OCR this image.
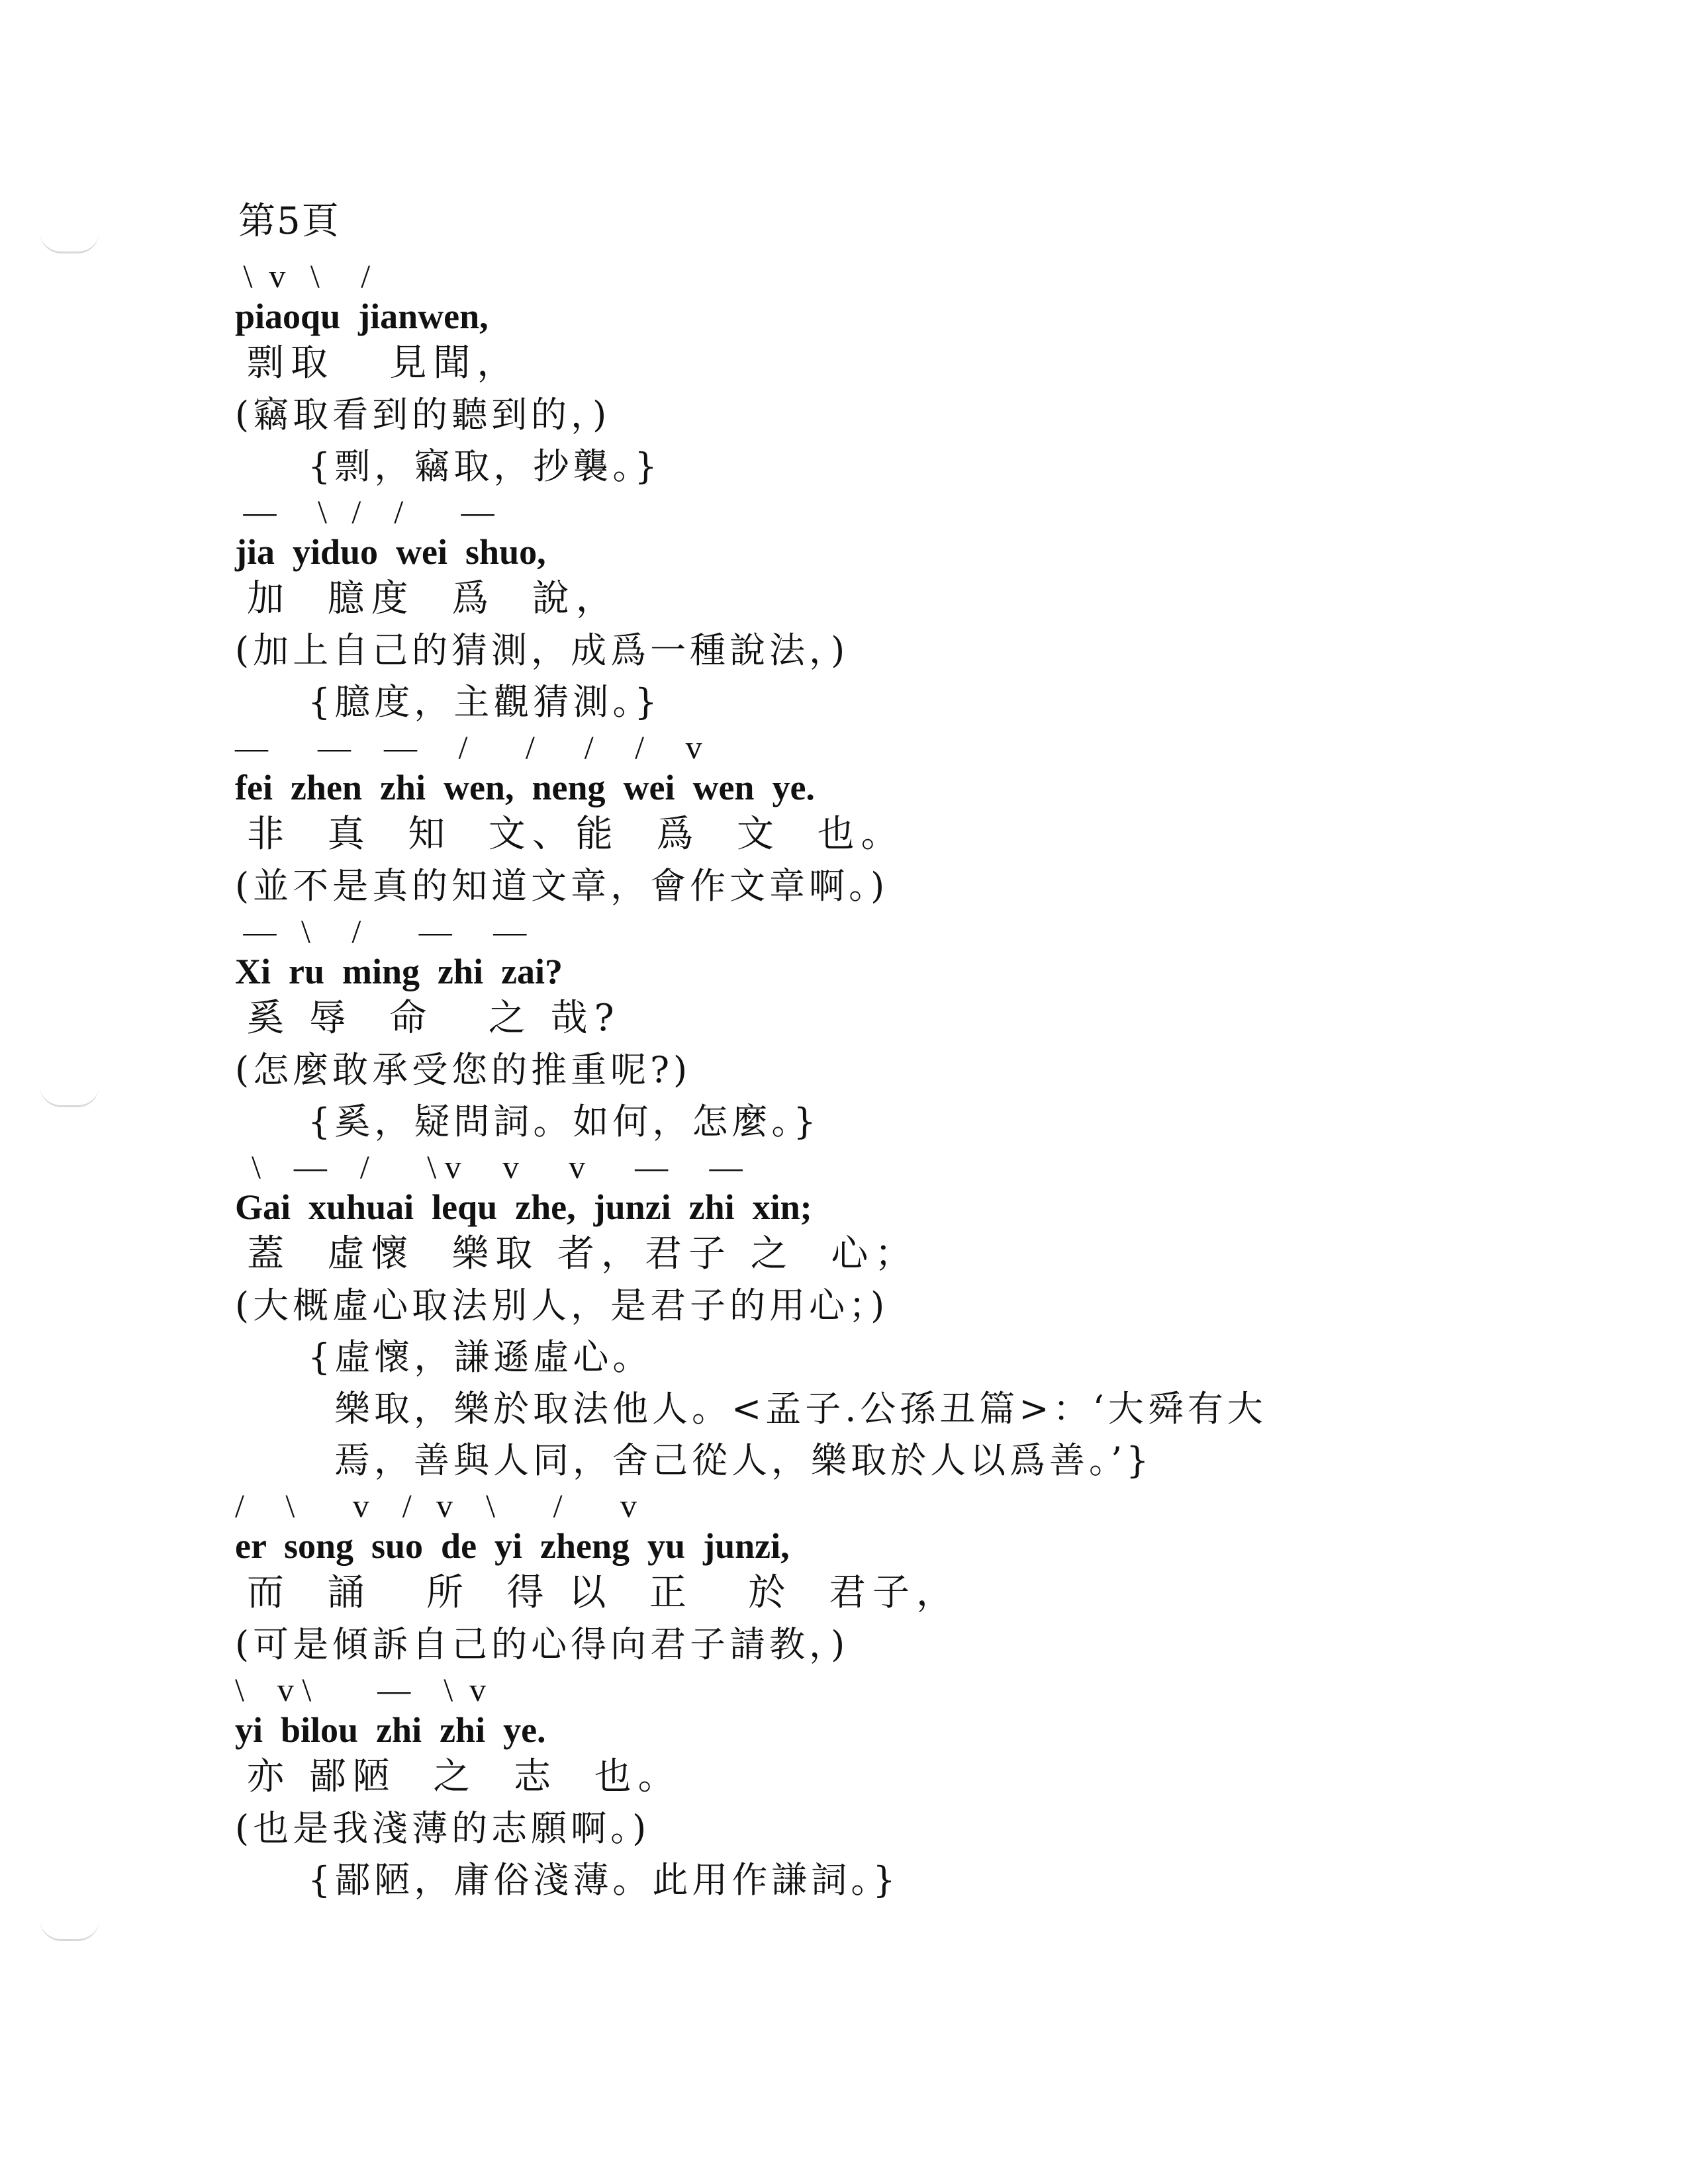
第5頁
\  v   \     /
piaoqu  jianwen,
剽取   見聞，
(竊取看到的聽到的，)
{剽，竊取，抄襲。}
—     \   /    /       —
jia  yiduo  wei  shuo,
加  臆度  爲  說，
(加上自己的猜測，成爲一種說法，)
{臆度，主觀猜測。}
—      —    —     /       /      /     /     v
fei  zhen  zhi  wen,  neng  wei  wen  ye.
非  真  知  文、能  爲  文  也。
(並不是真的知道文章，會作文章啊。)
—   \     /       —     —
Xi  ru  ming  zhi  zai?
奚 辱  命   之 哉?
(怎麼敢承受您的推重呢?)
{奚，疑問詞。如何，怎麼。}
\    —    /       \ v     v      v      —     —
Gai  xuhuai  lequ  zhe,  junzi  zhi  xin;
蓋  虛懷  樂取 者，君子 之  心；
(大概虛心取法別人，是君子的用心；)
{虛懷，謙遜虛心。
樂取，樂於取法他人。<孟子.公孫丑篇>：‘大舜有大
焉，善與人同，舍己從人，樂取於人以爲善。’}
/     \       v    /   v    \       /       v
er  song  suo  de  yi  zheng  yu  junzi,
而  誦   所  得 以  正   於  君子，
(可是傾訴自己的心得向君子請教，)
\    v \        —    \  v
yi  bilou  zhi  zhi  ye.
亦 鄙陋  之  志  也。
(也是我淺薄的志願啊。)
{鄙陋，庸俗淺薄。此用作謙詞。}
